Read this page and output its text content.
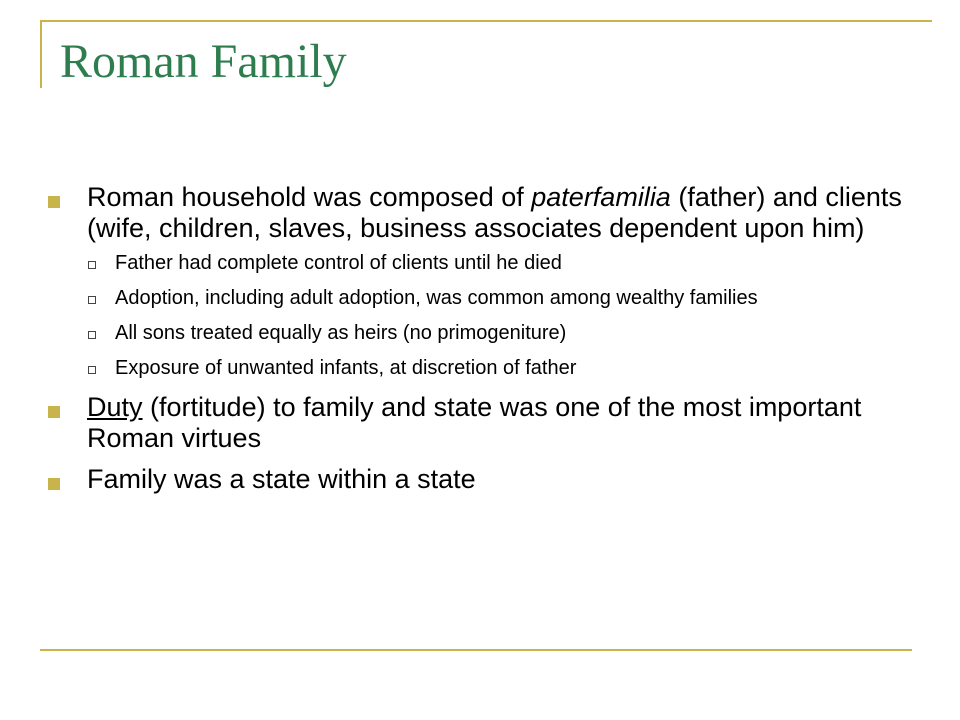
Roman Family
Roman household was composed of paterfamilia (father) and clients (wife, children, slaves, business associates dependent upon him)
Father had complete control of clients until he died
Adoption, including adult adoption, was common among wealthy families
All sons treated equally as heirs (no primogeniture)
Exposure of unwanted infants, at discretion of father
Duty (fortitude) to family and state was one of the most important Roman virtues
Family was a state within a state
